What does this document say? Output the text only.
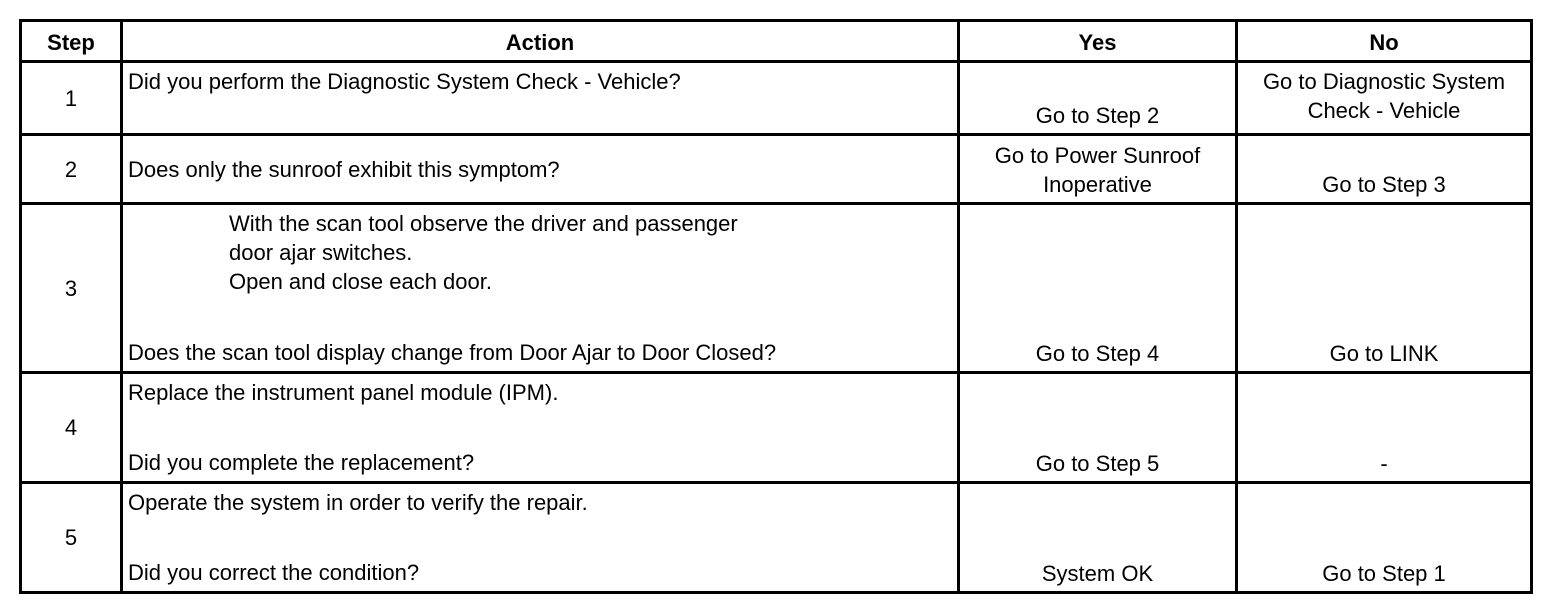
Step	Action	Yes	No
1	Did you perform the Diagnostic System Check - Vehicle?	Go to Step 2	Go to Diagnostic System Check - Vehicle
2	Does only the sunroof exhibit this symptom?	Go to Power Sunroof Inoperative	Go to Step 3
3	With the scan tool observe the driver and passenger door ajar switches.
Open and close each door.
Does the scan tool display change from Door Ajar to Door Closed?	Go to Step 4	Go to LINK
4	Replace the instrument panel module (IPM).
Did you complete the replacement?	Go to Step 5	-
5	Operate the system in order to verify the repair.
Did you correct the condition?	System OK	Go to Step 1
